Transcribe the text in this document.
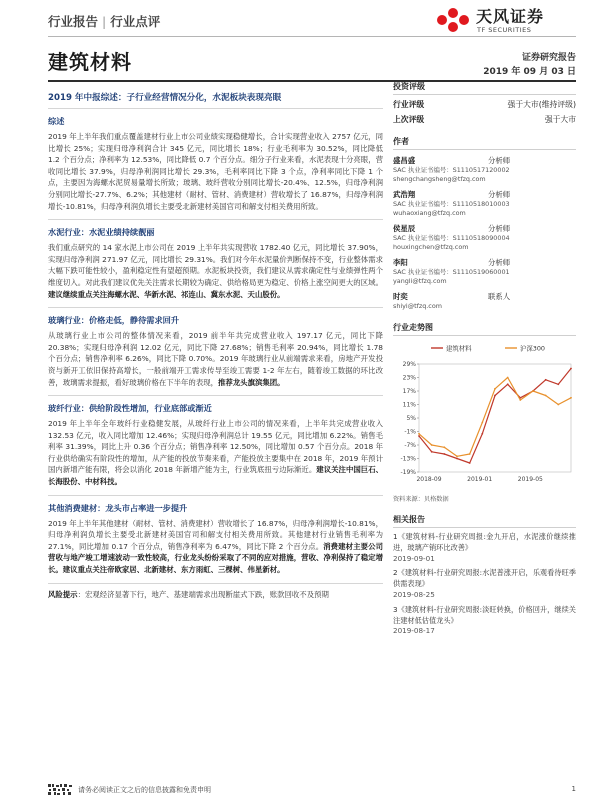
行业报告 | 行业点评	天风证券
TF SECURITIES
建筑材料	证券研究报告
2019 年 09 月 03 日
2019 年中报综述：子行业经营情况分化，水泥板块表现亮眼
综述

2019 年上半年我们重点覆盖建材行业上市公司业绩实现稳健增长，合计实现营业收入 2757 亿元，同比增长 25%；实现归母净利润合计 345 亿元，同比增长 18%；行业毛利率为 30.52%，同比降低 1.2 个百分点；净利率为 12.53%，同比降低 0.7 个百分点。细分子行业来看，水泥表现十分亮眼，营收同比增长 37.9%，归母净利润同比增长 29.3%，毛利率同比下降 3 个点，净利率同比下降 1 个点，主要因为海螺水泥贸易量增长所致；玻璃、玻纤营收分别同比增长-20.4%、12.5%，归母净利润分别同比增长-27.7%、6.2%；其他建材（耐材、管材、消费建材）营收增长了 16.87%，归母净利润增长-10.81%，归母净利润负增长主要受北新建材美国官司和解支付相关费用所致。

水泥行业：水泥业绩持续靓丽

我们重点研究的 14 家水泥上市公司在 2019 上半年共实现营收 1782.40 亿元，同比增长 37.90%，实现归母净利润 271.97 亿元，同比增长 29.31%。我们对今年水泥量价判断保持不变，行业整体需求大幅下跌可能性较小，盈利稳定性有望超预期。水泥板块投资，我们建议从需求确定性与业绩弹性两个维度切入。对此我们建议优先关注需求长期较为确定、供给格局更为稳定、价格上涨空间更大的区域。建议继续重点关注海螺水泥、华新水泥、祁连山、冀东水泥、天山股份。

玻璃行业：价格走低，静待需求回升

从玻璃行业上市公司的整体情况来看，2019 前半年共完成营业收入 197.17 亿元，同比下降 20.38%；实现归母净利润 12.02 亿元，同比下降 27.68%；销售毛利率 20.94%，同比增长 1.78 个百分点；销售净利率 6.26%，同比下降 0.70%。2019 年玻璃行业从前端需求来看，房地产开发投资与新开工依旧保持高增长，一般前端开工需求传导至竣工需要 1-2 年左右，随着竣工数据的环比改善，玻璃需求提振，看好玻璃价格在下半年的表现，推荐龙头旗滨集团。

玻纤行业：供给阶段性增加，行业底部或渐近

2019 年上半年全年玻纤行业稳健发展，从玻纤行业上市公司的情况来看，上半年共完成营业收入 132.53 亿元，收入同比增加 12.46%；实现归母净利润总计 19.55 亿元，同比增加 6.22%。销售毛利率 31.39%，同比上升 0.36 个百分点；销售净利率 12.50%，同比增加 0.57 个百分点。2018 年行业供给确实有阶段性的增加，从产能的投放节奏来看，产能投放主要集中在 2018 年，2019 年预计国内新增产能有限，将会以消化 2018 年新增产能为主，行业筑底扭亏边际渐近。建议关注中国巨石、长海股份、中材科技。

其他消费建材：龙头市占率进一步提升

2019 年上半年其他建材（耐材、管材、消费建材）营收增长了 16.87%，归母净利润增长-10.81%，归母净利润负增长主要受北新建材美国官司和解支付相关费用所致。其他建材行业销售毛利率为 27.1%，同比增加 0.17 个百分点，销售净利率为 6.47%，同比下降 2 个百分点。消费建材主要公司营收与地产竣工增速波动一致性较高，行业龙头纷纷采取了不同的应对措施，营收、净利保持了稳定增长。建议重点关注帝欧家居、北新建材、东方雨虹、三棵树、伟星新材。

风险提示：宏观经济显著下行，地产、基建端需求出现断崖式下跌，账款回收不及预期

投资评级
行业评级	强于大市(维持评级)
上次评级	强于大市
作者
盛昌盛	分析师
SAC 执业证书编号：S1110517120002
shengchangsheng@tfzq.com
武浩翔	分析师
SAC 执业证书编号：S1110518010003
wuhaoxiang@tfzq.com
侯星辰	分析师
SAC 执业证书编号：S1110518090004
houxingchen@tfzq.com
李阳	分析师
SAC 执业证书编号：S1110519060001
yangli@tfzq.com
时奕	联系人
shiyi@tfzq.com
行业走势图
29%
23%
17%
11%
5%
-1%
-7%
-13%
-19%
2018-09	2019-01	2019-05
建筑材料	沪深300
资料来源：贝格数据
相关报告
1《建筑材料-行业研究周报:金九开启，水泥涨价继续推进，玻璃产销环比改善》
2019-09-01
2《建筑材料-行业研究周报:水泥普涨开启，乐观看待旺季供需表现》
2019-08-25
3《建筑材料-行业研究周报:淡旺转换，价格回升，继续关注建材低估值龙头》
2019-08-17
请务必阅读正文之后的信息披露和免责申明	1
